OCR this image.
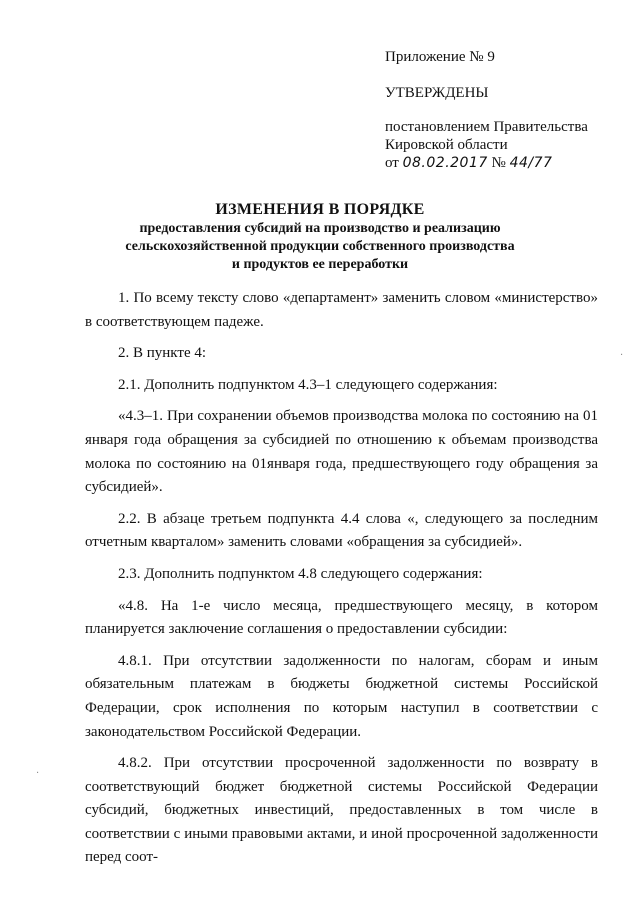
Приложение № 9
УТВЕРЖДЕНЫ
постановлением Правительства
Кировской области
от 08.02.2017 № 44/77
ИЗМЕНЕНИЯ В ПОРЯДКЕ
предоставления субсидий на производство и реализацию
сельскохозяйственной продукции собственного производства
и продуктов ее переработки

1. По всему тексту слово «департамент» заменить словом «министерство» в соответствующем падеже.

2. В пункте 4:

2.1. Дополнить подпунктом 4.3–1 следующего содержания:

«4.3–1. При сохранении объемов производства молока по состоянию на 01 января года обращения за субсидией по отношению к объемам производства молока по состоянию на 01января года, предшествующего году обращения за субсидией».

2.2. В абзаце третьем подпункта 4.4 слова «, следующего за последним отчетным кварталом» заменить словами «обращения за субсидией».

2.3. Дополнить подпунктом 4.8 следующего содержания:

«4.8. На 1-е число месяца, предшествующего месяцу, в котором планируется заключение соглашения о предоставлении субсидии:

4.8.1. При отсутствии задолженности по налогам, сборам и иным обязательным платежам в бюджеты бюджетной системы Российской Федерации, срок исполнения по которым наступил в соответствии с законодательством Российской Федерации.

4.8.2. При отсутствии просроченной задолженности по возврату в соответствующий бюджет бюджетной системы Российской Федерации субсидий, бюджетных инвестиций, предоставленных в том числе в соответствии с иными правовыми актами, и иной просроченной задолженности перед соот-

·
·
